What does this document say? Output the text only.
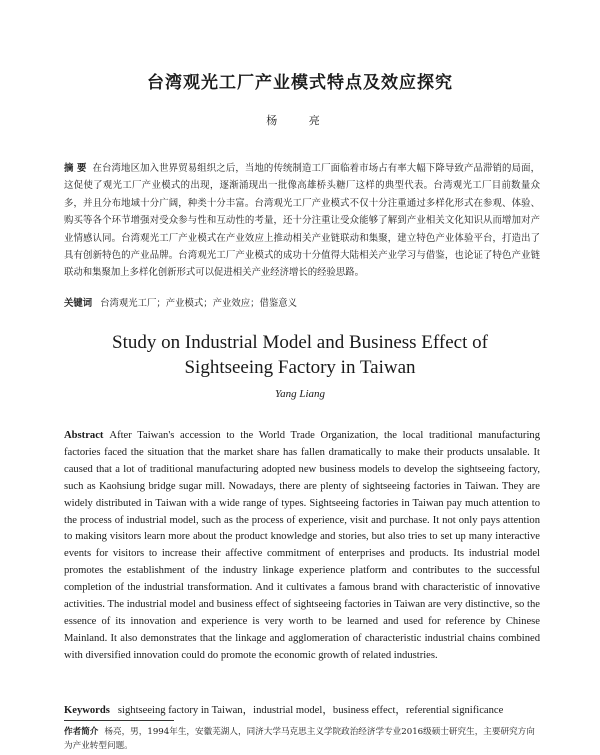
台湾观光工厂产业模式特点及效应探究
杨 亮
摘 要 在台湾地区加入世界贸易组织之后，当地的传统制造工厂面临着市场占有率大幅下降导致产品滞销的局面，这促使了观光工厂产业模式的出现，逐渐涌现出一批像高雄桥头糖厂这样的典型代表。台湾观光工厂目前数量众多，并且分布地域十分广阔，种类十分丰富。台湾观光工厂产业模式不仅十分注重通过多样化形式在参观、体验、购买等各个环节增强对受众参与性和互动性的考量，还十分注重让受众能够了解到产业相关文化知识从而增加对产业情感认同。台湾观光工厂产业模式在产业效应上推动相关产业链联动和集聚，建立特色产业体验平台，打造出了具有创新特色的产业品牌。台湾观光工厂产业模式的成功十分值得大陆相关产业学习与借鉴，也论证了特色产业链联动和集聚加上多样化创新形式可以促进相关产业经济增长的经验思路。
关键词 台湾观光工厂；产业模式；产业效应；借鉴意义
Study on Industrial Model and Business Effect of
Sightseeing Factory in Taiwan
Yang Liang
Abstract After Taiwan's accession to the World Trade Organization, the local traditional manufacturing factories faced the situation that the market share has fallen dramatically to make their products unsalable. It caused that a lot of traditional manufacturing adopted new business models to develop the sightseeing factory, such as Kaohsiung bridge sugar mill. Nowadays, there are plenty of sightseeing factories in Taiwan. They are widely distributed in Taiwan with a wide range of types. Sightseeing factories in Taiwan pay much attention to the process of industrial model, such as the process of experience, visit and purchase. It not only pays attention to making visitors learn more about the product knowledge and stories, but also tries to set up many interactive events for visitors to increase their affective commitment of enterprises and products. Its industrial model promotes the establishment of the industry linkage experience platform and contributes to the successful completion of the industrial transformation. And it cultivates a famous brand with characteristic of innovative activities. The industrial model and business effect of sightseeing factories in Taiwan are very distinctive, so the essence of its innovation and experience is very worth to be learned and used for reference by Chinese Mainland. It also demonstrates that the linkage and agglomeration of characteristic industrial chains combined with diversified innovation could do promote the economic growth of related industries.
Keywords sightseeing factory in Taiwan，industrial model，business effect，referential significance
作者简介 杨亮，男，1994年生，安徽芜湖人，同济大学马克思主义学院政治经济学专业2016级硕士研究生，主要研究方向为产业转型问题。
